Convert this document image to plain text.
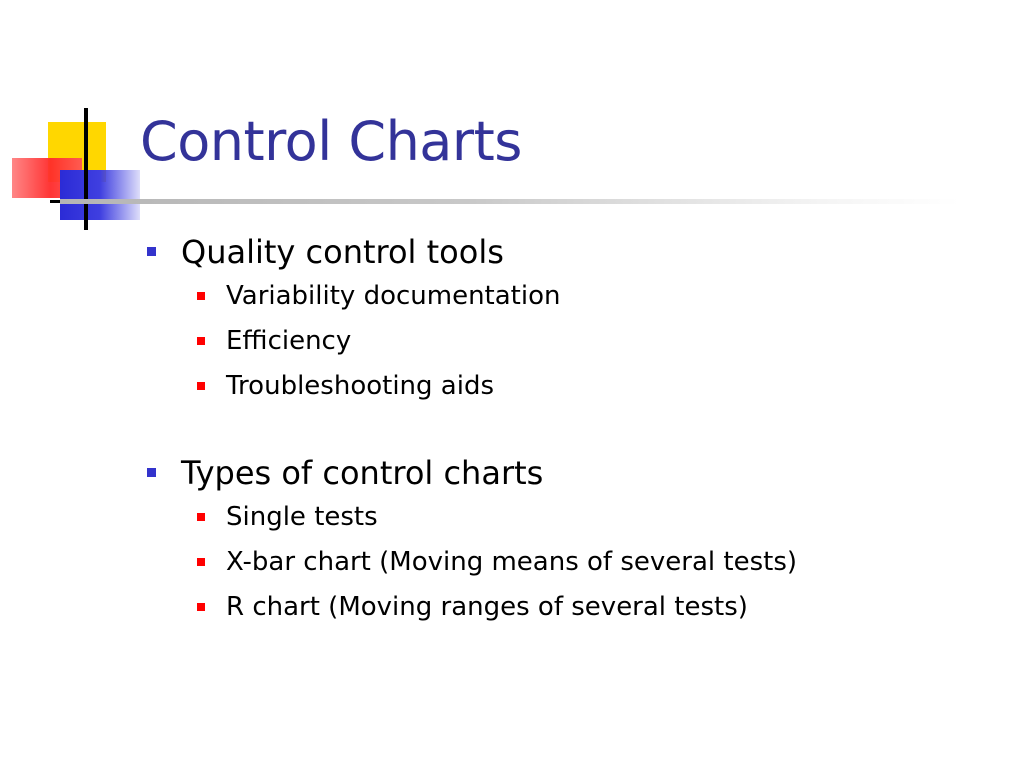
Control Charts
Quality control tools
Variability documentation
Efficiency
Troubleshooting aids
Types of control charts
Single tests
X-bar chart (Moving means of several tests)
R chart (Moving ranges of several tests)
